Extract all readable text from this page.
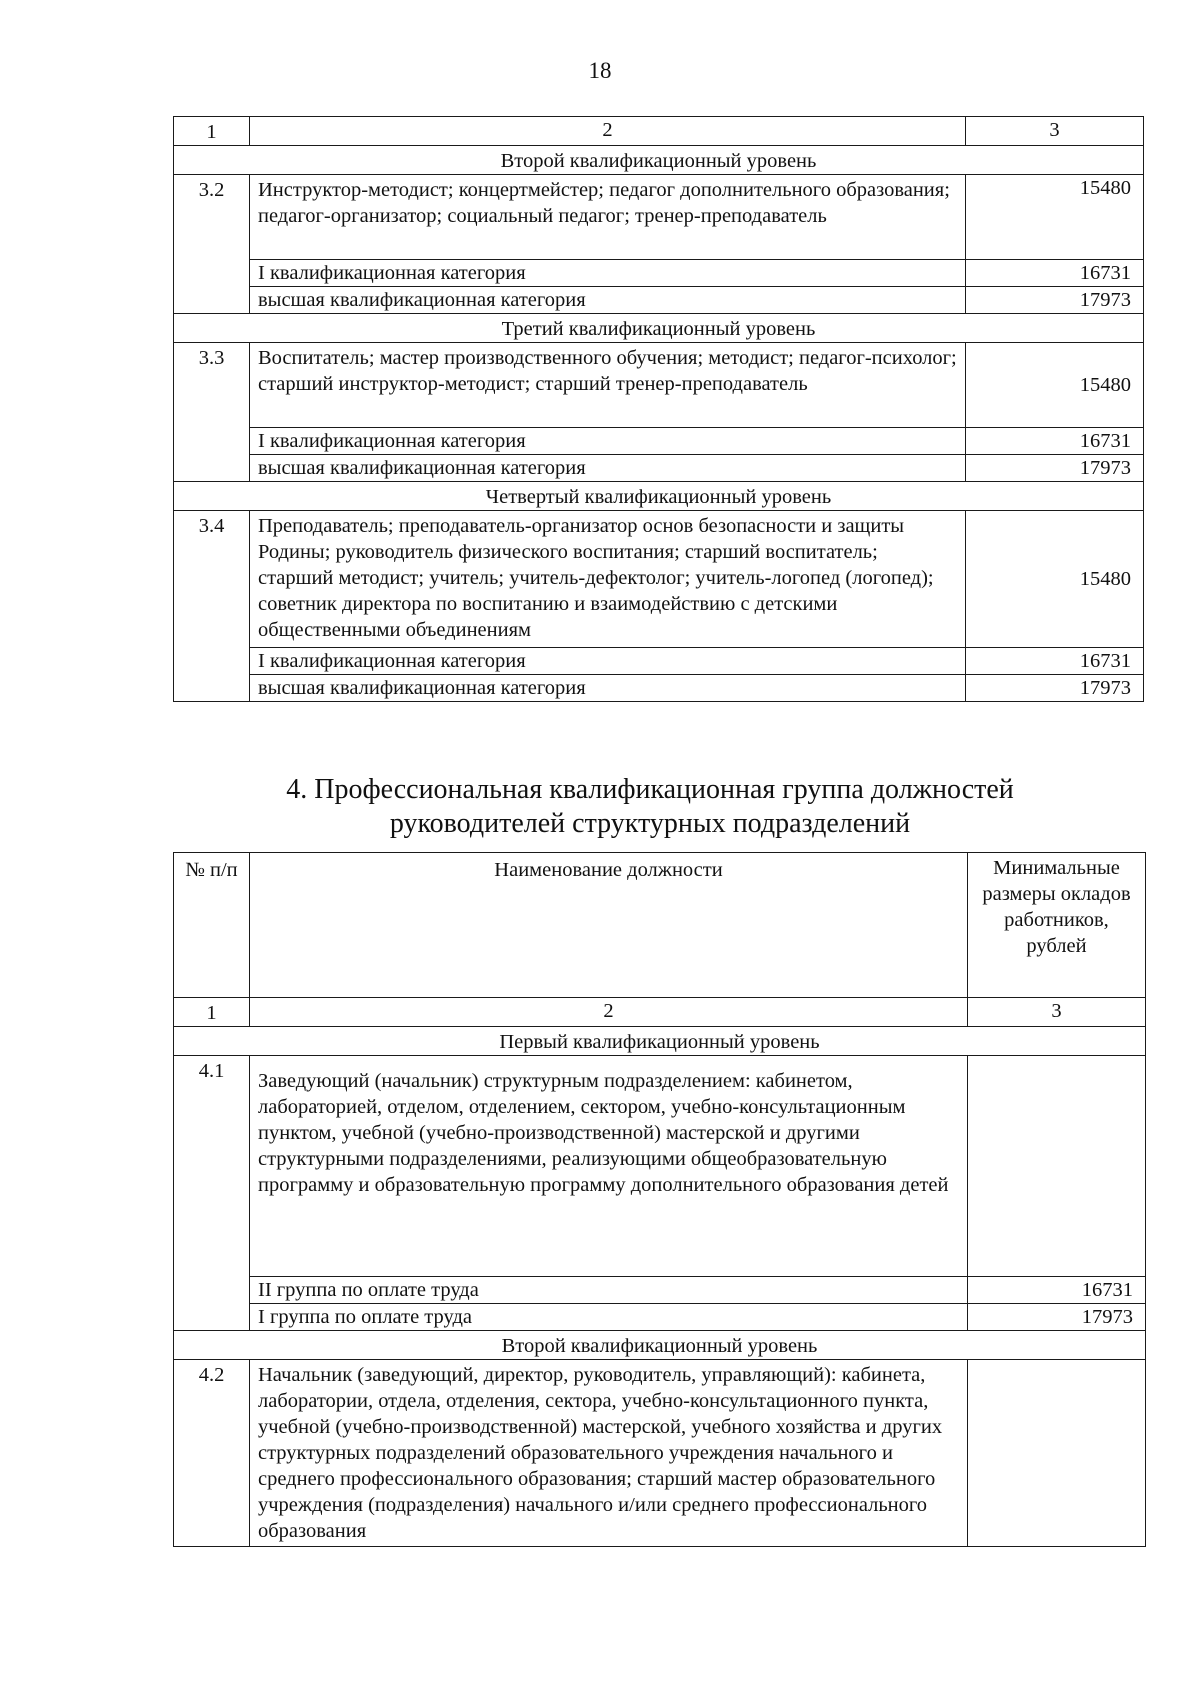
18
1	2	3
Второй квалификационный уровень		
3.2	Инструктор-методист; концертмейстер; педагог дополнительного образования; педагог-организатор; социальный педагог; тренер-преподаватель	15480
	I квалификационная категория	16731
	высшая квалификационная категория	17973
Третий квалификационный уровень		
3.3	Воспитатель; мастер производственного обучения; методист; педагог-психолог; старший инструктор-методист; старший тренер-преподаватель	15480
	I квалификационная категория	16731
	высшая квалификационная категория	17973
Четвертый квалификационный уровень		
3.4	Преподаватель; преподаватель-организатор основ безопасности и защиты Родины; руководитель физического воспитания; старший воспитатель; старший методист; учитель; учитель-дефектолог; учитель-логопед (логопед); советник директора по воспитанию и взаимодействию с детскими общественными объединениям	15480
	I квалификационная категория	16731
	высшая квалификационная категория	17973
4. Профессиональная квалификационная группа должностей
руководителей структурных подразделений
№ п/п	Наименование должности	Минимальные размеры окладов работников, рублей
1	2	3
Первый квалификационный уровень		
4.1	Заведующий (начальник) структурным подразделением: кабинетом, лабораторией, отделом, отделением, сектором, учебно-консультационным пунктом, учебной (учебно-производственной) мастерской и другими структурными подразделениями, реализующими общеобразовательную программу и образовательную программу дополнительного образования детей	
	II группа по оплате труда	16731
	I группа по оплате труда	17973
Второй квалификационный уровень		
4.2	Начальник (заведующий, директор, руководитель, управляющий): кабинета, лаборатории, отдела, отделения, сектора, учебно-консультационного пункта, учебной (учебно-производственной) мастерской, учебного хозяйства и других структурных подразделений образовательного учреждения начального и среднего профессионального образования; старший мастер образовательного учреждения (подразделения) начального и/или среднего профессионального образования	
